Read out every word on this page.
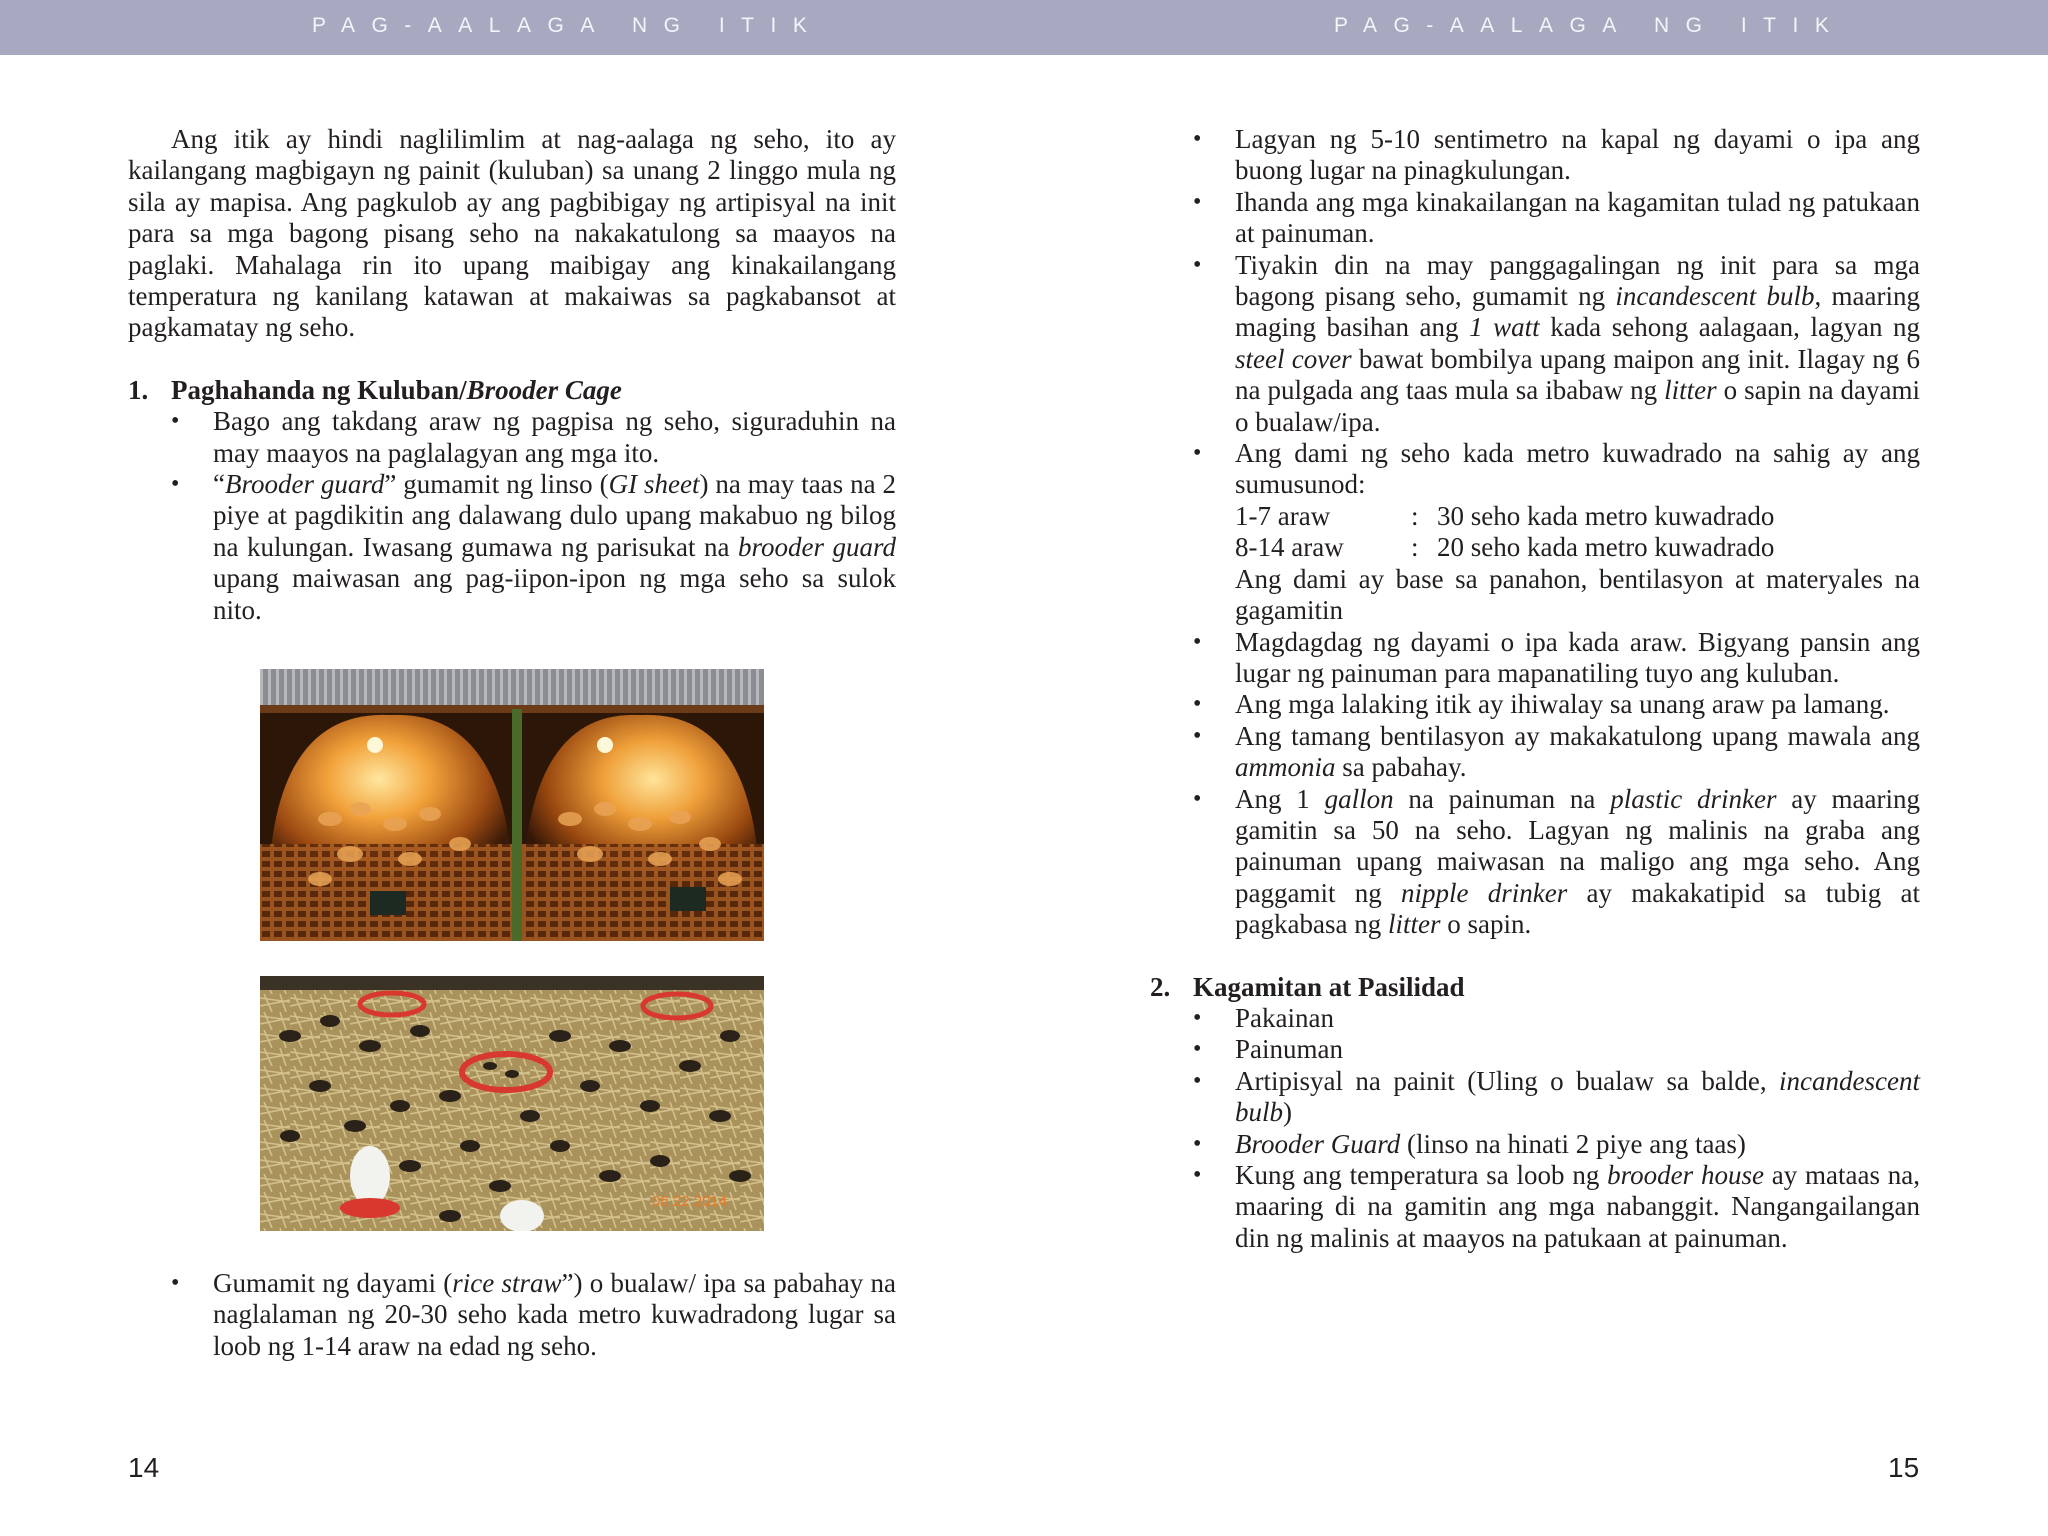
PAG-AALAGA NG ITIK	PAG-AALAGA NG ITIK

Ang itik ay hindi naglilimlim at nag-aalaga ng seho, ito ay kailangang magbigayn ng painit (kuluban) sa unang 2 linggo mula ng sila ay mapisa. Ang pagkulob ay ang pagbibigay ng artipisyal na init para sa mga bagong pisang seho na nakakatulong sa maayos na paglaki. Mahalaga rin ito upang maibigay ang kinakailangang temperatura ng kanilang katawan at makaiwas sa pagkabansot at pagkamatay ng seho.

1. Paghahanda ng Kuluban/Brooder Cage
• Bago ang takdang araw ng pagpisa ng seho, siguraduhin na may maayos na paglalagyan ang mga ito.
• “Brooder guard” gumamit ng linso (GI sheet) na may taas na 2 piye at pagdikitin ang dalawang dulo upang makabuo ng bilog na kulungan. Iwasang gumawa ng parisukat na brooder guard upang maiwasan ang pag-iipon-ipon ng mga seho sa sulok nito.
06 22 2014
• Gumamit ng dayami (rice straw”) o bualaw/ ipa sa pabahay na naglalaman ng 20-30 seho kada metro kuwadradong lugar sa loob ng 1-14 araw na edad ng seho.
14
• Lagyan ng 5-10 sentimetro na kapal ng dayami o ipa ang buong lugar na pinagkulungan.
• Ihanda ang mga kinakailangan na kagamitan tulad ng patukaan at painuman.
• Tiyakin din na may panggagalingan ng init para sa mga bagong pisang seho, gumamit ng incandescent bulb, maaring maging basihan ang 1 watt kada sehong aalagaan, lagyan ng steel cover bawat bombilya upang maipon ang init. Ilagay ng 6 na pulgada ang taas mula sa ibabaw ng litter o sapin na dayami o bualaw/ipa.
• Ang dami ng seho kada metro kuwadrado na sahig ay ang sumusunod:
1-7 araw	: 30 seho kada metro kuwadrado
8-14 araw	: 20 seho kada metro kuwadrado
Ang dami ay base sa panahon, bentilasyon at materyales na gagamitin
• Magdagdag ng dayami o ipa kada araw. Bigyang pansin ang lugar ng painuman para mapanatiling tuyo ang kuluban.
• Ang mga lalaking itik ay ihiwalay sa unang araw pa lamang.
• Ang tamang bentilasyon ay makakatulong upang mawala ang ammonia sa pabahay.
• Ang 1 gallon na painuman na plastic drinker ay maaring gamitin sa 50 na seho. Lagyan ng malinis na graba ang painuman upang maiwasan na maligo ang mga seho. Ang paggamit ng nipple drinker ay makakatipid sa tubig at pagkabasa ng litter o sapin.
2. Kagamitan at Pasilidad
• Pakainan
• Painuman
• Artipisyal na painit (Uling o bualaw sa balde, incandescent bulb)
• Brooder Guard (linso na hinati 2 piye ang taas)
• Kung ang temperatura sa loob ng brooder house ay mataas na, maaring di na gamitin ang mga nabanggit. Nangangailangan din ng malinis at maayos na patukaan at painuman.
15
